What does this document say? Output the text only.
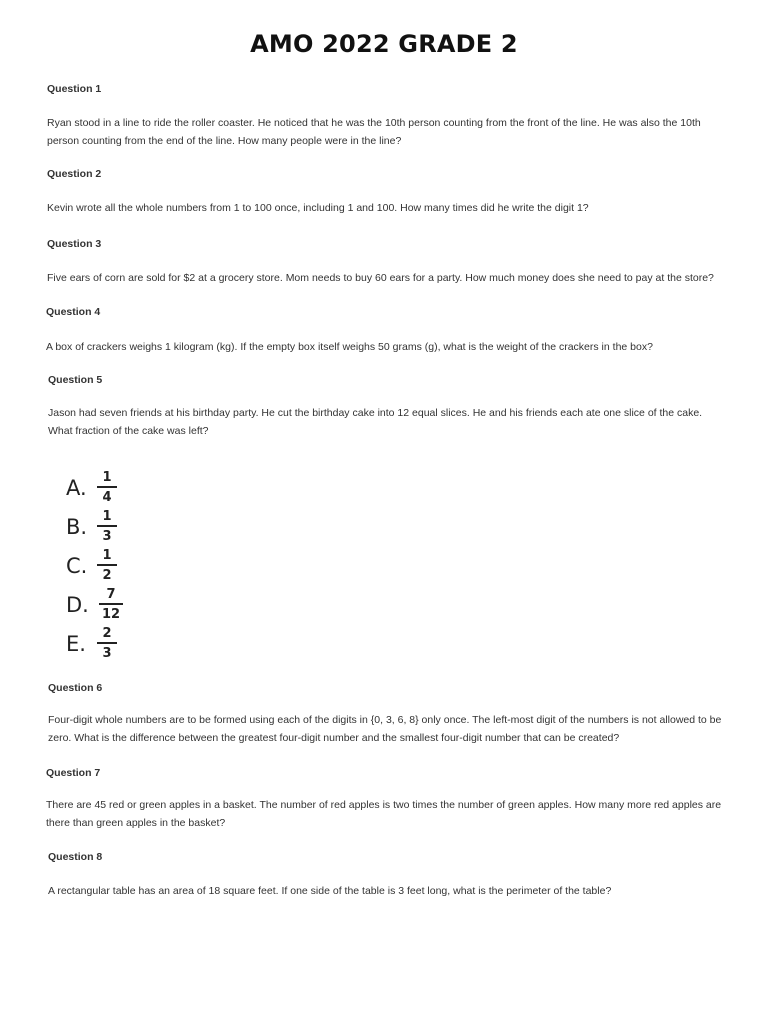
AMO 2022 GRADE 2
Question 1
Ryan stood in a line to ride the roller coaster. He noticed that he was the 10th person counting from the front of the line. He was also the 10th
person counting from the end of the line. How many people were in the line?
Question 2
Kevin wrote all the whole numbers from 1 to 100 once, including 1 and 100. How many times did he write the digit 1?
Question 3
Five ears of corn are sold for $2 at a grocery store. Mom needs to buy 60 ears for a party. How much money does she need to pay at the store?
Question 4
A box of crackers weighs 1 kilogram (kg). If the empty box itself weighs 50 grams (g), what is the weight of the crackers in the box?
Question 5
Jason had seven friends at his birthday party. He cut the birthday cake into 12 equal slices. He and his friends each ate one slice of the cake.
What fraction of the cake was left?
A.	1
4
B.	1
3
C.	1
2
D.	7
12
E.	2
3
Question 6
Four-digit whole numbers are to be formed using each of the digits in {0, 3, 6, 8} only once. The left-most digit of the numbers is not allowed to be
zero. What is the difference between the greatest four-digit number and the smallest four-digit number that can be created?
Question 7
There are 45 red or green apples in a basket. The number of red apples is two times the number of green apples. How many more red apples are
there than green apples in the basket?
Question 8
A rectangular table has an area of 18 square feet. If one side of the table is 3 feet long, what is the perimeter of the table?
